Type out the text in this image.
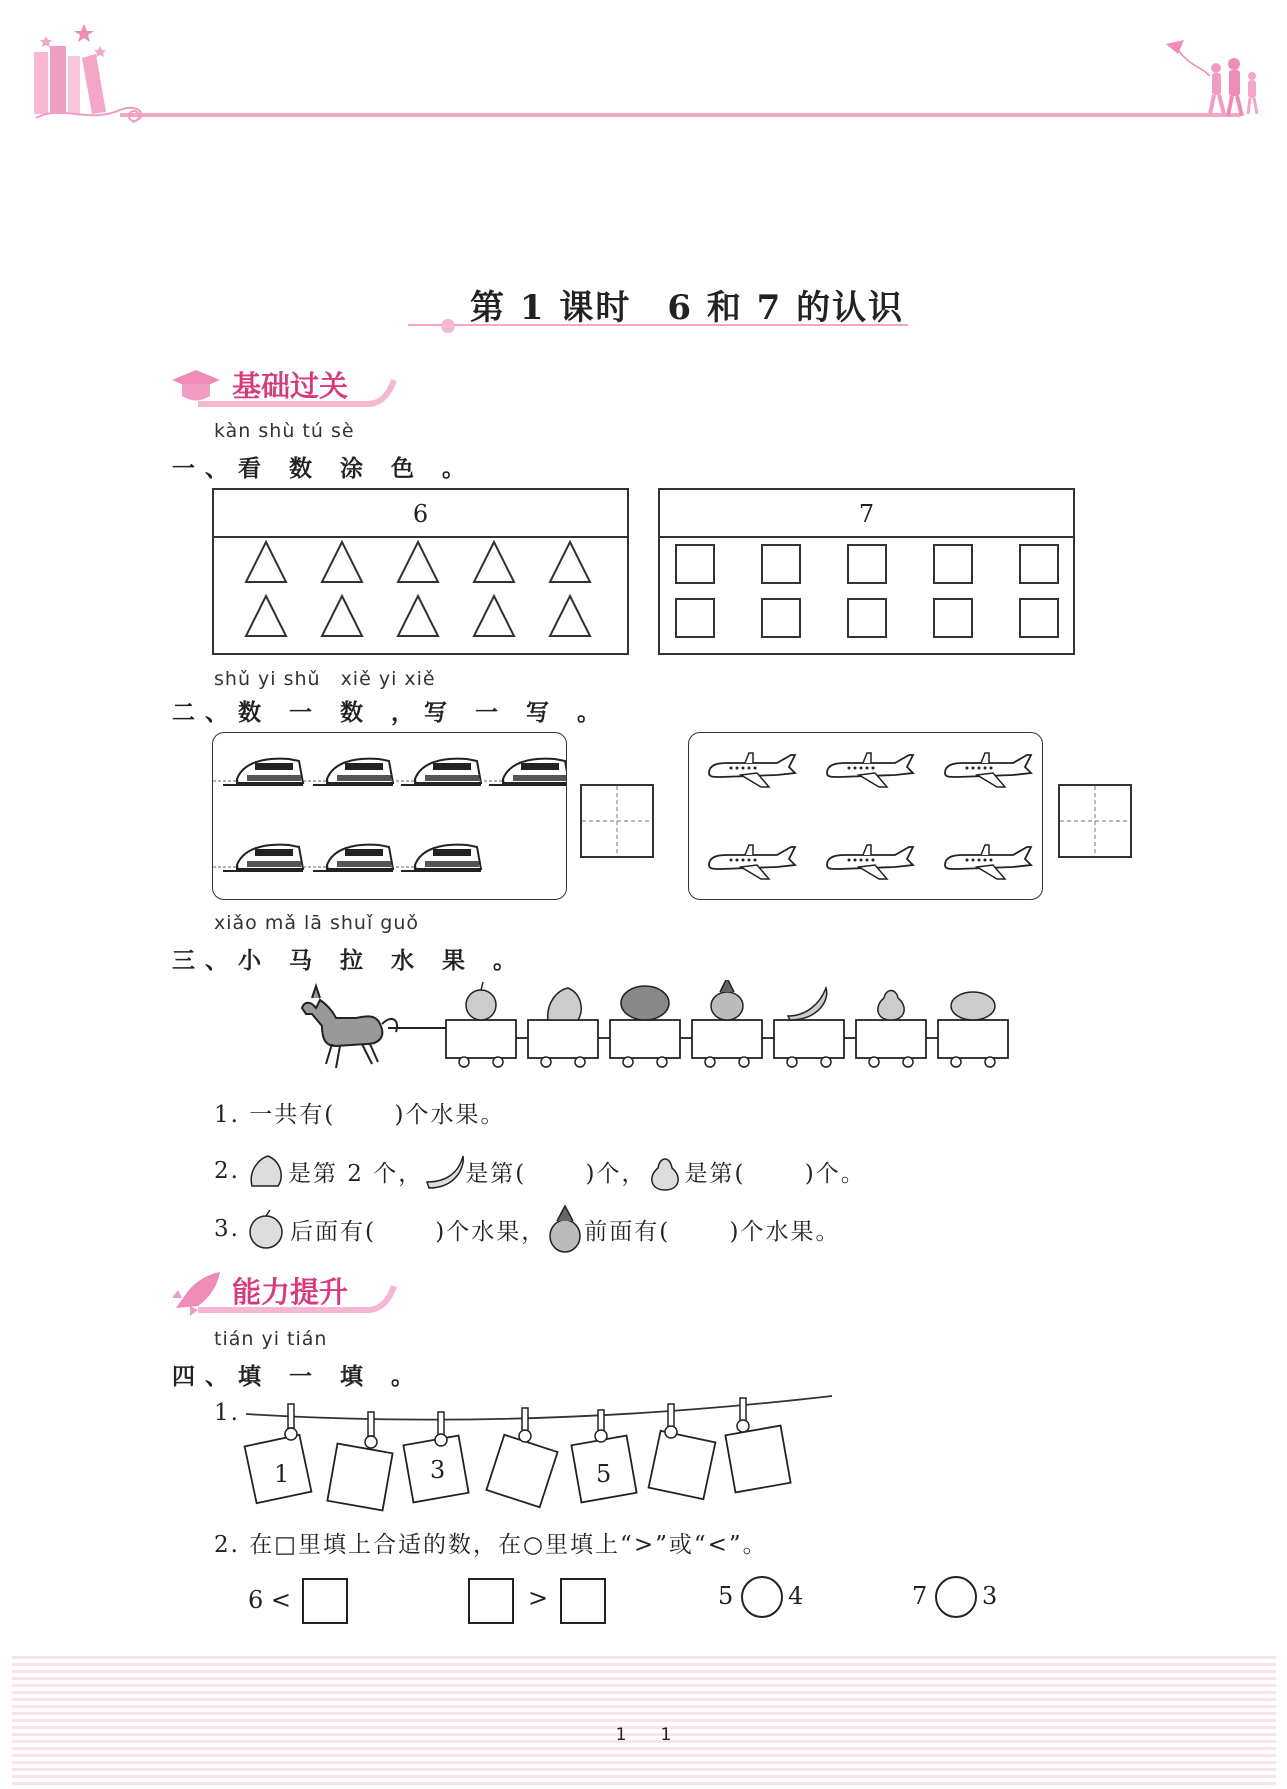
第 1 课时　6 和 7 的认识
基础过关
kàn shù tú sè
一、看 数 涂 色 。
6	7
shǔ yi shǔ　xiě yi xiě
二、数 一 数 ，写 一 写 。
xiǎo mǎ lā shuǐ guǒ
三、小 马 拉 水 果 。
1. 一共有(　　 )个水果。
2. 是第 2 个， 是第(　　 )个， 是第(　　 )个。
3. 后面有(　　 )个水果， 前面有(　　 )个水果。
能力提升
tián yi tián
四、填 一 填 。
1.
1	3	5
2. 在□里填上合适的数，在○里填上“>”或“<”。
6 <	>	5 4	7 3
1　　1
